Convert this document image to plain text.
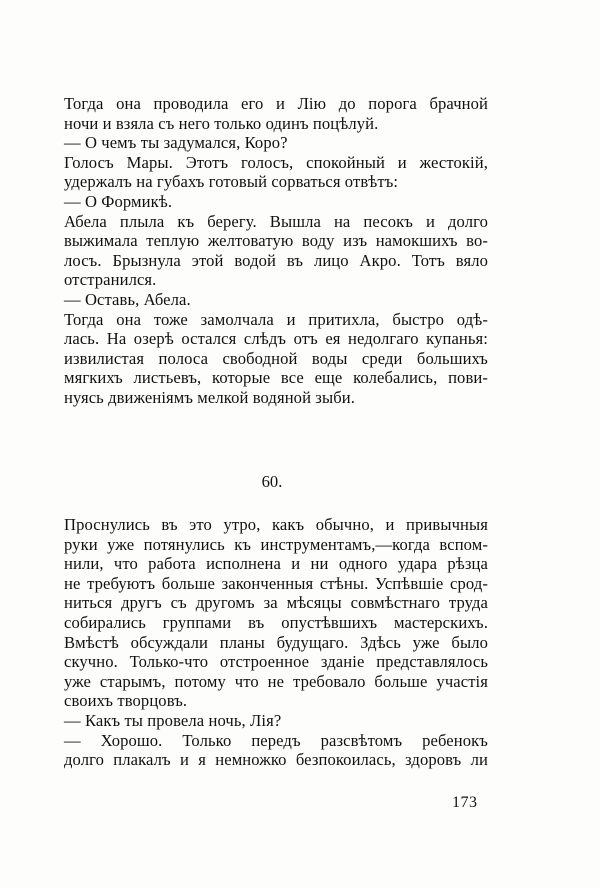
Тогда она проводила его и Лію до порога брачной
ночи и взяла съ него только одинъ поцѣлуй.
— О чемъ ты задумался, Коро?
Голосъ Мары. Этотъ голосъ, спокойный и жестокій,
удержалъ на губахъ готовый сорваться отвѣтъ:
— О Формикѣ.
Абела плыла къ берегу. Вышла на песокъ и долго
выжимала теплую желтоватую воду изъ намокшихъ во-
лосъ. Брызнула этой водой въ лицо Акро. Тотъ вяло
отстранился.
— Оставь, Абела.
Тогда она тоже замолчала и притихла, быстро одѣ-
лась. На озерѣ остался слѣдъ отъ ея недолгаго купанья:
извилистая полоса свободной воды среди большихъ
мягкихъ листьевъ, которые все еще колебались, пови-
нуясь движеніямъ мелкой водяной зыби.
60.
Проснулись въ это утро, какъ обычно, и привычныя
руки уже потянулись къ инструментамъ,—когда вспом-
нили, что работа исполнена и ни одного удара рѣзца
не требуютъ больше законченныя стѣны. Успѣвшіе срод-
ниться другъ съ другомъ за мѣсяцы совмѣстнаго труда
собирались группами въ опустѣвшихъ мастерскихъ.
Вмѣстѣ обсуждали планы будущаго. Здѣсь уже было
скучно. Только-что отстроенное зданіе представлялось
уже старымъ, потому что не требовало больше участія
своихъ творцовъ.
— Какъ ты провела ночь, Лія?
— Хорошо. Только передъ разсвѣтомъ ребенокъ
долго плакалъ и я немножко безпокоилась, здоровъ ли
173
